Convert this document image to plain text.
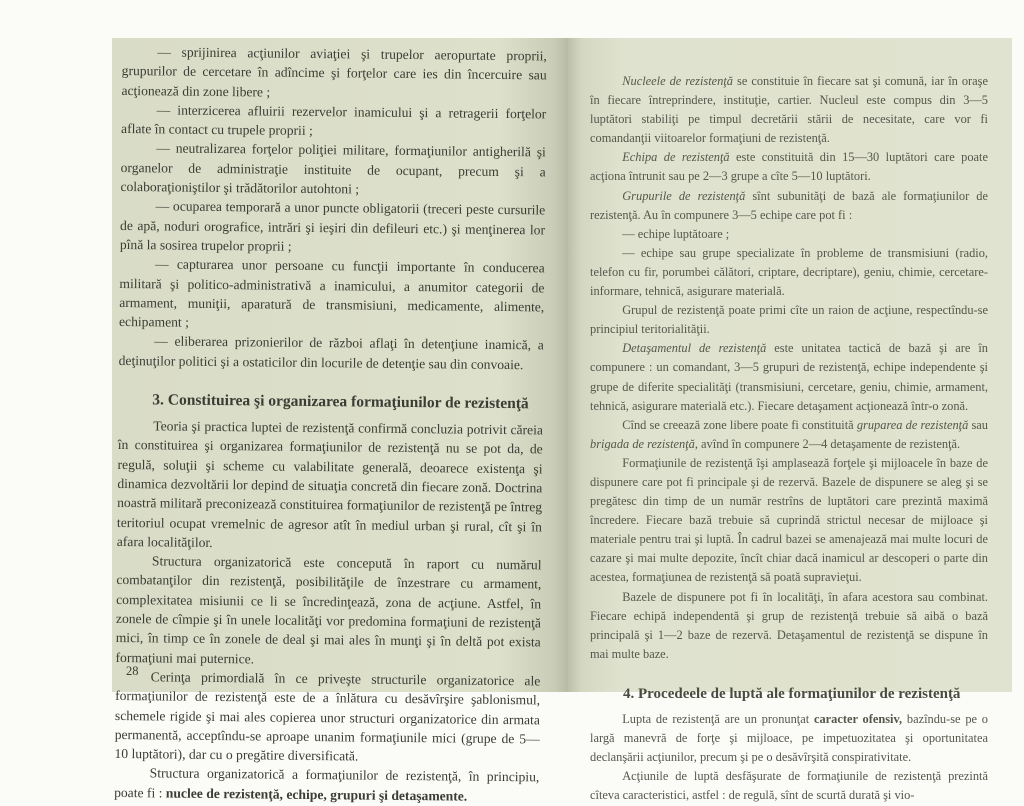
— sprijinirea acţiunilor aviaţiei şi trupelor aeropurtate proprii, grupurilor de cercetare în adîncime şi forţelor care ies din încercuire sau acţionează din zone libere ;

— interzicerea afluirii rezervelor inamicului şi a retragerii forţelor aflate în contact cu trupele proprii ;

— neutralizarea forţelor poliţiei militare, formaţiunilor antigherilă şi organelor de administraţie instituite de ocupant, precum şi a colaboraţioniştilor şi trădătorilor autohtoni ;

— ocuparea temporară a unor puncte obligatorii (treceri peste cursurile de apă, noduri orografice, intrări şi ieşiri din defileuri etc.) şi menţinerea lor pînă la sosirea trupelor proprii ;

— capturarea unor persoane cu funcţii importante în conducerea militară şi politico-administrativă a inamicului, a anumitor categorii de armament, muniţii, aparatură de transmisiuni, medicamente, alimente, echipament ;

— eliberarea prizonierilor de război aflaţi în detenţiune inamică, a deţinuţilor politici şi a ostaticilor din locurile de detenţie sau din convoaie.

3. Constituirea şi organizarea formaţiunilor de rezistenţă

Teoria şi practica luptei de rezistenţă confirmă concluzia potrivit căreia în constituirea şi organizarea formaţiunilor de rezistenţă nu se pot da, de regulă, soluţii şi scheme cu valabilitate generală, deoarece existenţa şi dinamica dezvoltării lor depind de situaţia concretă din fiecare zonă. Doctrina noastră militară preconizează constituirea formaţiunilor de rezistenţă pe întreg teritoriul ocupat vremelnic de agresor atît în mediul urban şi rural, cît şi în afara localităţilor.

Structura organizatorică este concepută în raport cu numărul combatanţilor din rezistenţă, posibilităţile de înzestrare cu armament, complexitatea misiunii ce li se încredinţează, zona de acţiune. Astfel, în zonele de cîmpie şi în unele localităţi vor predomina formaţiuni de rezistenţă mici, în timp ce în zonele de deal şi mai ales în munţi şi în deltă pot exista formaţiuni mai puternice.

Cerinţa primordială în ce priveşte structurile organizatorice ale formaţiunilor de rezistenţă este de a înlătura cu desăvîrşire şablonismul, schemele rigide şi mai ales copierea unor structuri organizatorice din armata permanentă, acceptîndu-se aproape unanim formaţiunile mici (grupe de 5—10 luptători), dar cu o pregătire diversificată.

Structura organizatorică a formaţiunilor de rezistenţă, în principiu, poate fi : nuclee de rezistenţă, echipe, grupuri şi detaşamente.

28

Nucleele de rezistenţă se constituie în fiecare sat şi comună, iar în oraşe în fiecare întreprindere, instituţie, cartier. Nucleul este compus din 3—5 luptători stabiliţi pe timpul decretării stării de necesitate, care vor fi comandanţii viitoarelor formaţiuni de rezistenţă.

Echipa de rezistenţă este constituită din 15—30 luptători care poate acţiona întrunit sau pe 2—3 grupe a cîte 5—10 luptători.

Grupurile de rezistenţă sînt subunităţi de bază ale formaţiunilor de rezistenţă. Au în compunere 3—5 echipe care pot fi :

— echipe luptătoare ;

— echipe sau grupe specializate în probleme de transmisiuni (radio, telefon cu fir, porumbei călători, criptare, decriptare), geniu, chimie, cercetare-informare, tehnică, asigurare materială.

Grupul de rezistenţă poate primi cîte un raion de acţiune, respectîndu-se principiul teritorialităţii.

Detaşamentul de rezistenţă este unitatea tactică de bază şi are în compunere : un comandant, 3—5 grupuri de rezistenţă, echipe independente şi grupe de diferite specialităţi (transmisiuni, cercetare, geniu, chimie, armament, tehnică, asigurare materială etc.). Fiecare detaşament acţionează într-o zonă.

Cînd se creează zone libere poate fi constituită gruparea de rezistenţă sau brigada de rezistenţă, avînd în compunere 2—4 detaşamente de rezistenţă.

Formaţiunile de rezistenţă îşi amplasează forţele şi mijloacele în baze de dispunere care pot fi principale şi de rezervă. Bazele de dispunere se aleg şi se pregătesc din timp de un număr restrîns de luptători care prezintă maximă încredere. Fiecare bază trebuie să cuprindă strictul necesar de mijloace şi materiale pentru trai şi luptă. În cadrul bazei se amenajează mai multe locuri de cazare şi mai multe depozite, încît chiar dacă inamicul ar descoperi o parte din acestea, formaţiunea de rezistenţă să poată supravieţui.

Bazele de dispunere pot fi în localităţi, în afara acestora sau combinat. Fiecare echipă independentă şi grup de rezistenţă trebuie să aibă o bază principală şi 1—2 baze de rezervă. Detaşamentul de rezistenţă se dispune în mai multe baze.

4. Procedeele de luptă ale formaţiunilor de rezistenţă

Lupta de rezistenţă are un pronunţat caracter ofensiv, bazîndu-se pe o largă manevră de forţe şi mijloace, pe impetuozitatea şi oportunitatea declanşării acţiunilor, precum şi pe o desăvîrşită conspirativitate.

Acţiunile de luptă desfăşurate de formaţiunile de rezistenţă prezintă cîteva caracteristici, astfel : de regulă, sînt de scurtă durată şi vio-
